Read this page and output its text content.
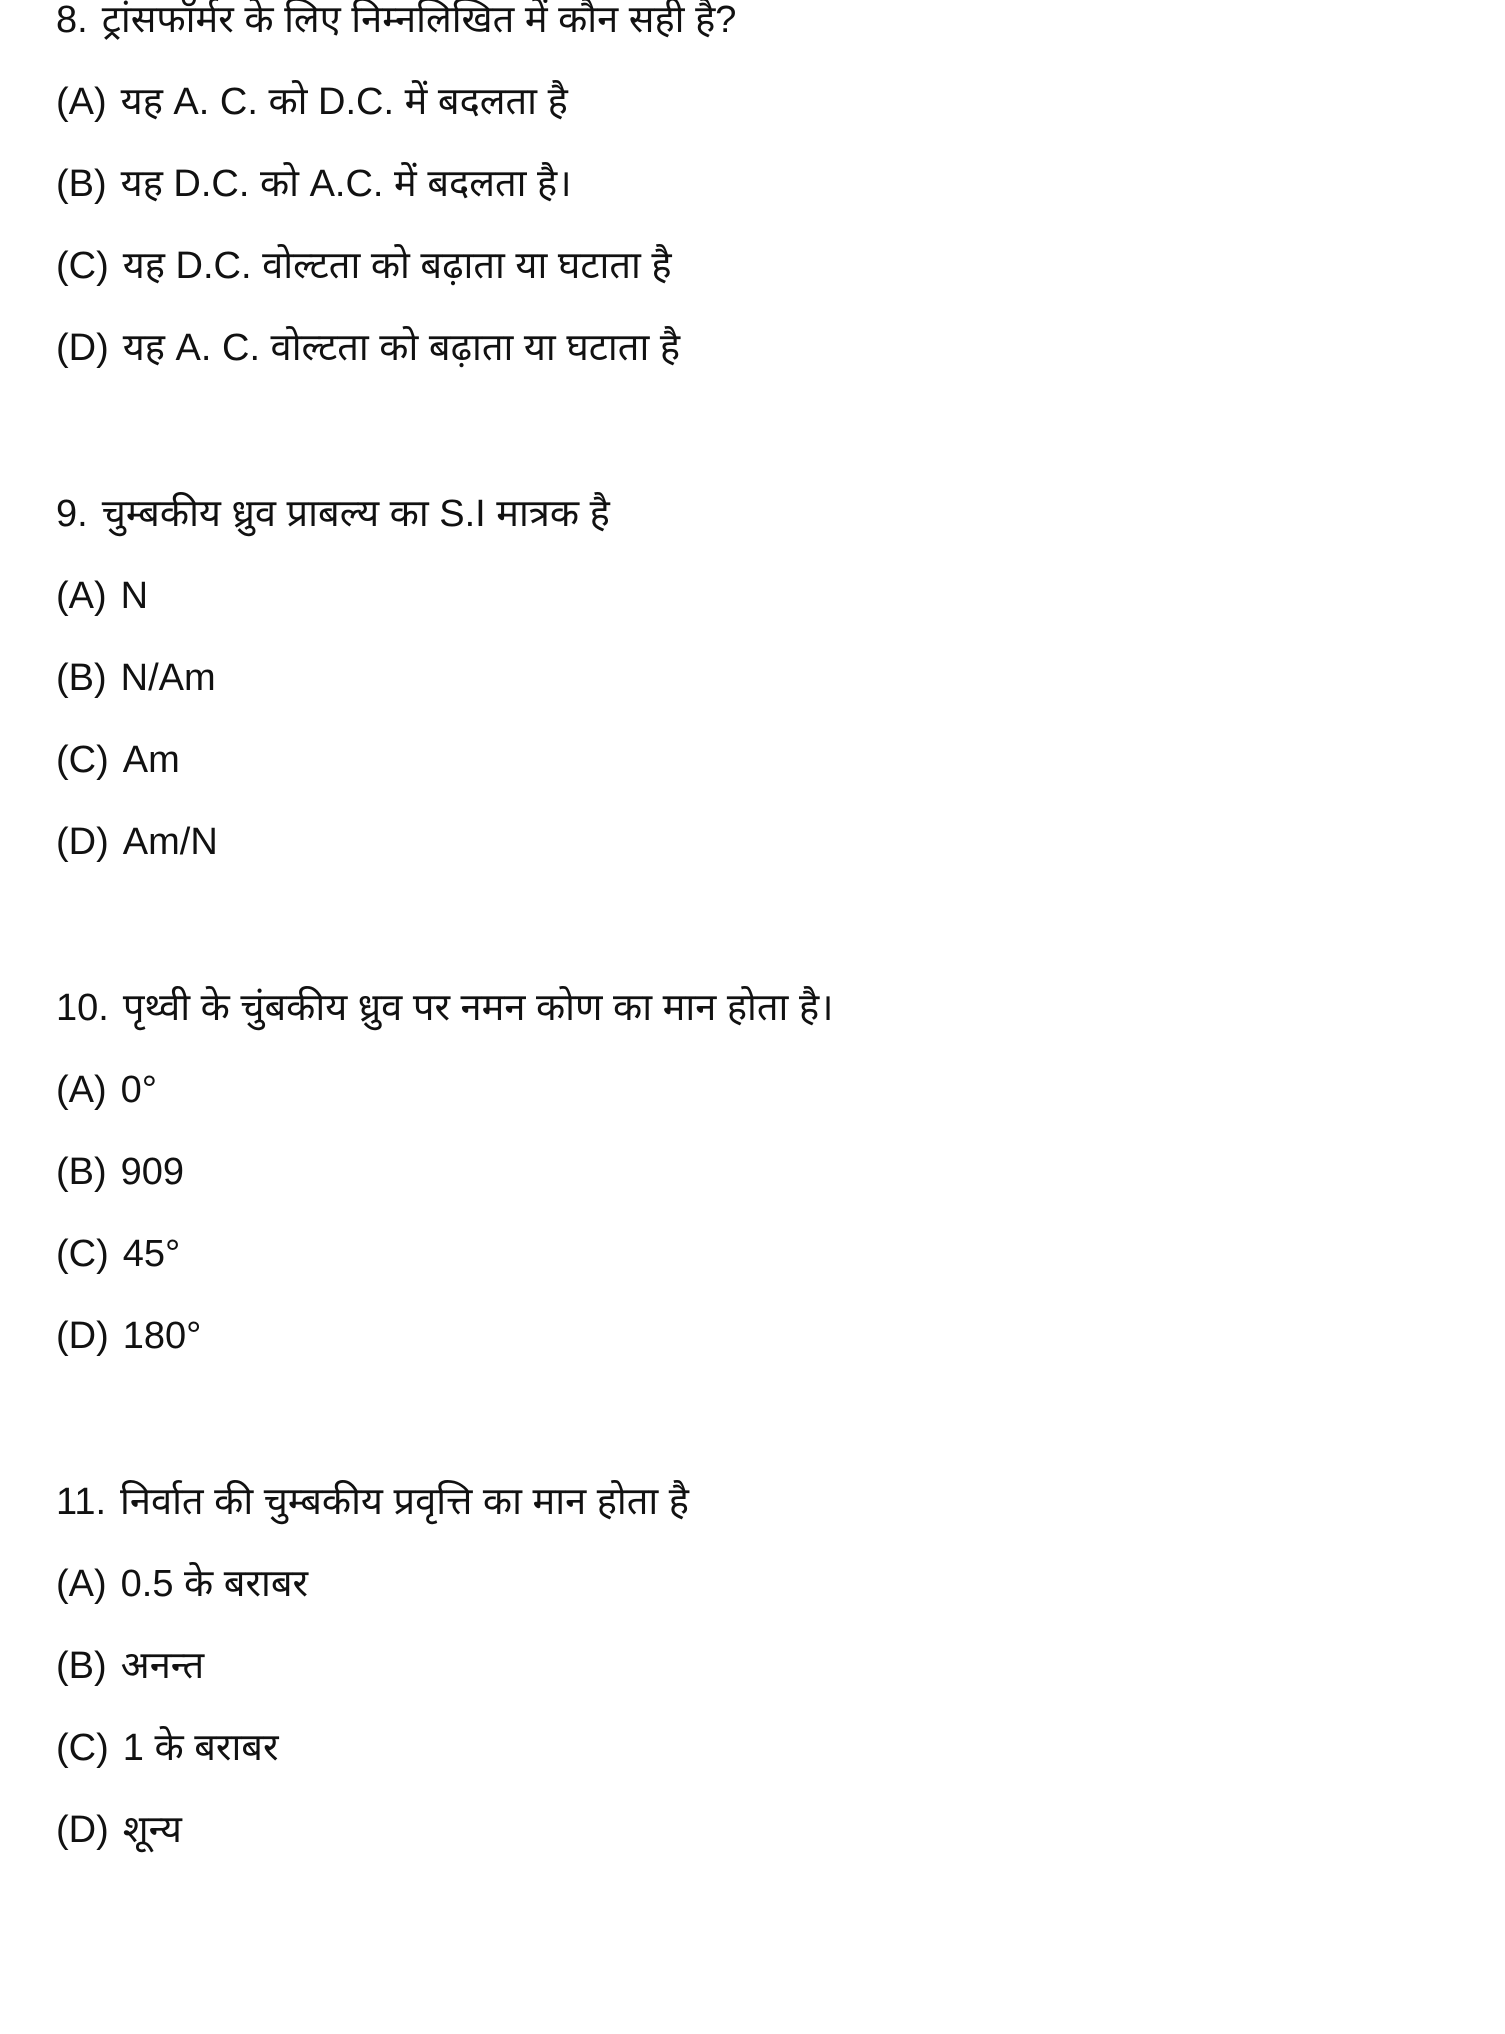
8. ट्रांसफॉर्मर के लिए निम्नलिखित में कौन सही है?
(A) यह A. C. को D.C. में बदलता है
(B) यह D.C. को A.C. में बदलता है।
(C) यह D.C. वोल्टता को बढ़ाता या घटाता है
(D) यह A. C. वोल्टता को बढ़ाता या घटाता है
9. चुम्बकीय ध्रुव प्राबल्य का S.I मात्रक है
(A) N
(B) N/Am
(C) Am
(D) Am/N
10. पृथ्वी के चुंबकीय ध्रुव पर नमन कोण का मान होता है।
(A) 0°
(B) 909
(C) 45°
(D) 180°
11. निर्वात की चुम्बकीय प्रवृत्ति का मान होता है
(A) 0.5 के बराबर
(B) अनन्त
(C) 1 के बराबर
(D) शून्य
